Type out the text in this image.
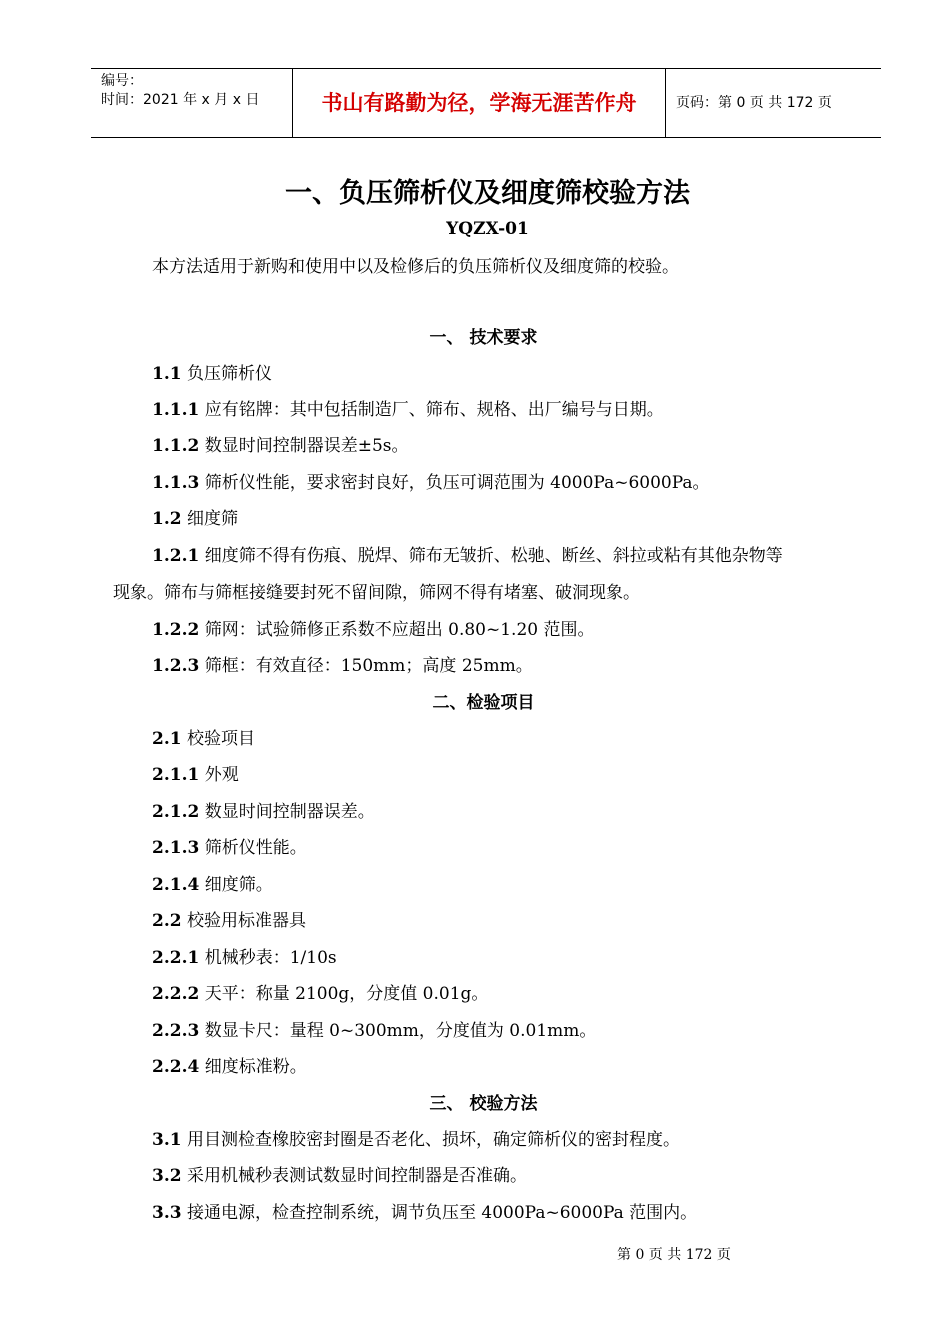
编号：
时间：2021 年 x 月 x 日	书山有路勤为径，学海无涯苦作舟	页码：第 0 页 共 172 页
一、负压筛析仪及细度筛校验方法
YQZX-01
本方法适用于新购和使用中以及检修后的负压筛析仪及细度筛的校验。
一、 技术要求
1.1 负压筛析仪
1.1.1 应有铭牌：其中包括制造厂、筛布、规格、出厂编号与日期。
1.1.2 数显时间控制器误差±5s。
1.1.3 筛析仪性能，要求密封良好，负压可调范围为 4000Pa~6000Pa。
1.2 细度筛
1.2.1 细度筛不得有伤痕、脱焊、筛布无皱折、松驰、断丝、斜拉或粘有其他杂物等
现象。筛布与筛框接缝要封死不留间隙，筛网不得有堵塞、破洞现象。
1.2.2 筛网：试验筛修正系数不应超出 0.80~1.20 范围。
1.2.3 筛框：有效直径：150mm；高度 25mm。
二、检验项目
2.1 校验项目
2.1.1 外观
2.1.2 数显时间控制器误差。
2.1.3 筛析仪性能。
2.1.4 细度筛。
2.2 校验用标准器具
2.2.1 机械秒表：1/10s
2.2.2 天平：称量 2100g，分度值 0.01g。
2.2.3 数显卡尺：量程 0~300mm，分度值为 0.01mm。
2.2.4 细度标准粉。
三、 校验方法
3.1 用目测检查橡胶密封圈是否老化、损坏，确定筛析仪的密封程度。
3.2 采用机械秒表测试数显时间控制器是否准确。
3.3 接通电源，检查控制系统，调节负压至 4000Pa~6000Pa 范围内。
第 0 页 共 172 页
